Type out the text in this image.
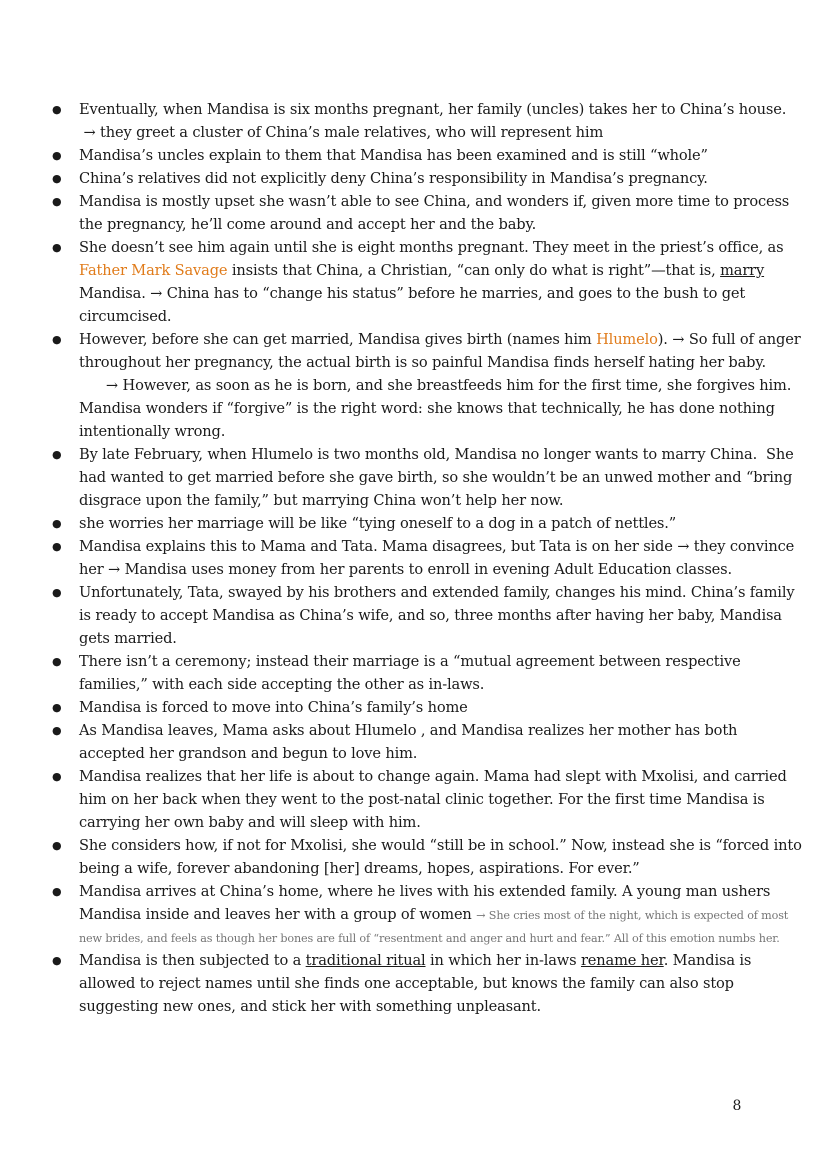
● Eventually, when Mandisa is six months pregnant, her family (uncles) takes her to China’s house.  → they greet a cluster of China’s male relatives, who will represent him
● Mandisa’s uncles explain to them that Mandisa has been examined and is still “whole”
● China’s relatives did not explicitly deny China’s responsibility in Mandisa’s pregnancy.
● Mandisa is mostly upset she wasn’t able to see China, and wonders if, given more time to process the pregnancy, he’ll come around and accept her and the baby.
● She doesn’t see him again until she is eight months pregnant. They meet in the priest’s office, as Father Mark Savage insists that China, a Christian, “can only do what is right”—that is, marry Mandisa. → China has to “change his status” before he marries, and goes to the bush to get circumcised.
● However, before she can get married, Mandisa gives birth (names him Hlumelo). → So full of anger throughout her pregnancy, the actual birth is so painful Mandisa finds herself hating her baby.       → However, as soon as he is born, and she breastfeeds him for the first time, she forgives him. Mandisa wonders if “forgive” is the right word: she knows that technically, he has done nothing intentionally wrong.
● By late February, when Hlumelo is two months old, Mandisa no longer wants to marry China.  She had wanted to get married before she gave birth, so she wouldn’t be an unwed mother and “bring disgrace upon the family,” but marrying China won’t help her now.
● she worries her marriage will be like “tying oneself to a dog in a patch of nettles.”
● Mandisa explains this to Mama and Tata. Mama disagrees, but Tata is on her side → they convince her → Mandisa uses money from her parents to enroll in evening Adult Education classes.
● Unfortunately, Tata, swayed by his brothers and extended family, changes his mind. China’s family is ready to accept Mandisa as China’s wife, and so, three months after having her baby, Mandisa gets married.
● There isn’t a ceremony; instead their marriage is a “mutual agreement between respective families,” with each side accepting the other as in-laws.
● Mandisa is forced to move into China’s family’s home
● As Mandisa leaves, Mama asks about Hlumelo , and Mandisa realizes her mother has both accepted her grandson and begun to love him.
● Mandisa realizes that her life is about to change again. Mama had slept with Mxolisi, and carried him on her back when they went to the post-natal clinic together. For the first time Mandisa is carrying her own baby and will sleep with him.
● She considers how, if not for Mxolisi, she would “still be in school.” Now, instead she is “forced into being a wife, forever abandoning [her] dreams, hopes, aspirations. For ever.”
● Mandisa arrives at China’s home, where he lives with his extended family. A young man ushers Mandisa inside and leaves her with a group of women → She cries most of the night, which is expected of most new brides, and feels as though her bones are full of “resentment and anger and hurt and fear.” All of this emotion numbs her.
● Mandisa is then subjected to a traditional ritual in which her in-laws rename her. Mandisa is allowed to reject names until she finds one acceptable, but knows the family can also stop suggesting new ones, and stick her with something unpleasant.
8
